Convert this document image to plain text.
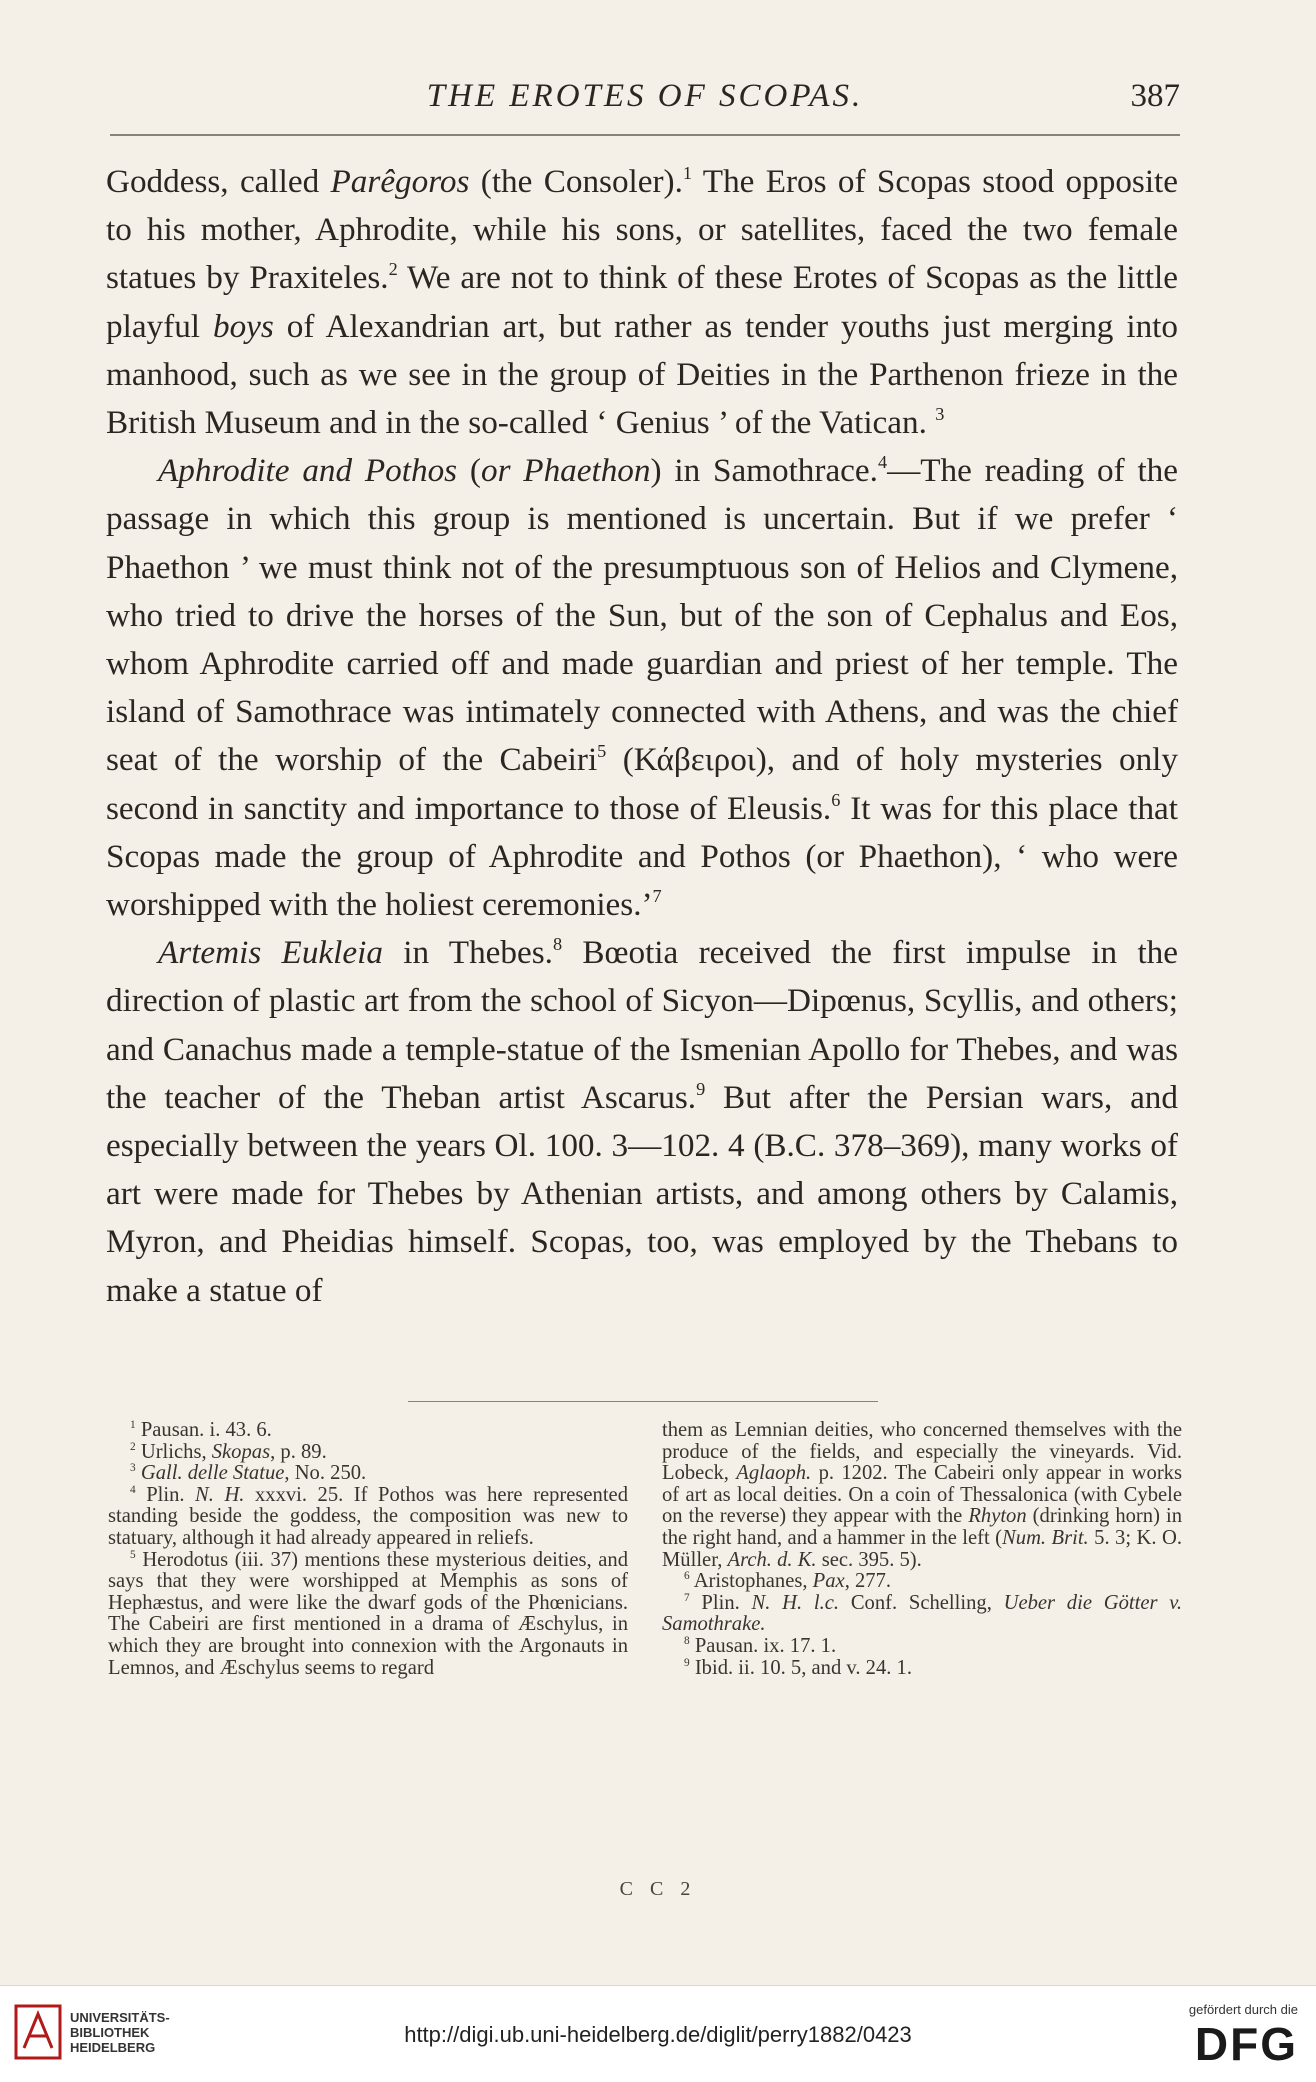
THE EROTES OF SCOPAS.	387

Goddess, called Parêgoros (the Consoler).$^1$ The Eros of Scopas stood opposite to his mother, Aphrodite, while his sons, or satellites, faced the two female statues by Praxiteles.$^2$ We are not to think of these Erotes of Scopas as the little playful boys of Alexandrian art, but rather as tender youths just merging into manhood, such as we see in the group of Deities in the Parthenon frieze in the British Museum and in the so-called ‘ Genius ’ of the Vatican. $^3$

Aphrodite and Pothos (or Phaethon) in Samothrace.$^4$—The reading of the passage in which this group is mentioned is uncertain. But if we prefer ‘ Phaethon ’ we must think not of the presumptuous son of Helios and Clymene, who tried to drive the horses of the Sun, but of the son of Cephalus and Eos, whom Aphrodite carried off and made guardian and priest of her temple. The island of Samothrace was intimately connected with Athens, and was the chief seat of the worship of the Cabeiri$^5$ (Κάβειροι), and of holy mysteries only second in sanctity and importance to those of Eleusis.$^6$ It was for this place that Scopas made the group of Aphrodite and Pothos (or Phaethon), ‘ who were worshipped with the holiest ceremonies.’$^7$

Artemis Eukleia in Thebes.$^8$ Bœotia received the first impulse in the direction of plastic art from the school of Sicyon—Dipœnus, Scyllis, and others; and Canachus made a temple-statue of the Ismenian Apollo for Thebes, and was the teacher of the Theban artist Ascarus.$^9$ But after the Persian wars, and especially between the years Ol. 100. 3—102. 4 (B.C. 378–369), many works of art were made for Thebes by Athenian artists, and among others by Calamis, Myron, and Pheidias himself. Scopas, too, was employed by the Thebans to make a statue of

$^1$ Pausan. i. 43. 6.

$^2$ Urlichs, Skopas, p. 89.

$^3$ Gall. delle Statue, No. 250.

$^4$ Plin. N. H. xxxvi. 25. If Pothos was here represented standing beside the goddess, the composition was new to statuary, although it had already appeared in reliefs.

$^5$ Herodotus (iii. 37) mentions these mysterious deities, and says that they were worshipped at Memphis as sons of Hephæstus, and were like the dwarf gods of the Phœnicians. The Cabeiri are first mentioned in a drama of Æschylus, in which they are brought into connexion with the Argonauts in Lemnos, and Æschylus seems to regard

them as Lemnian deities, who concerned themselves with the produce of the fields, and especially the vineyards. Vid. Lobeck, Aglaoph. p. 1202. The Cabeiri only appear in works of art as local deities. On a coin of Thessalonica (with Cybele on the reverse) they appear with the Rhyton (drinking horn) in the right hand, and a hammer in the left (Num. Brit. 5. 3; K. O. Müller, Arch. d. K. sec. 395. 5).

$^6$ Aristophanes, Pax, 277.

$^7$ Plin. N. H. l.c. Conf. Schelling, Ueber die Götter v. Samothrake.

$^8$ Pausan. ix. 17. 1.

$^9$ Ibid. ii. 10. 5, and v. 24. 1.

C C 2
UNIVERSITÄTS-
BIBLIOTHEK
HEIDELBERG
http://digi.ub.uni-heidelberg.de/diglit/perry1882/0423
gefördert durch die
DFG
